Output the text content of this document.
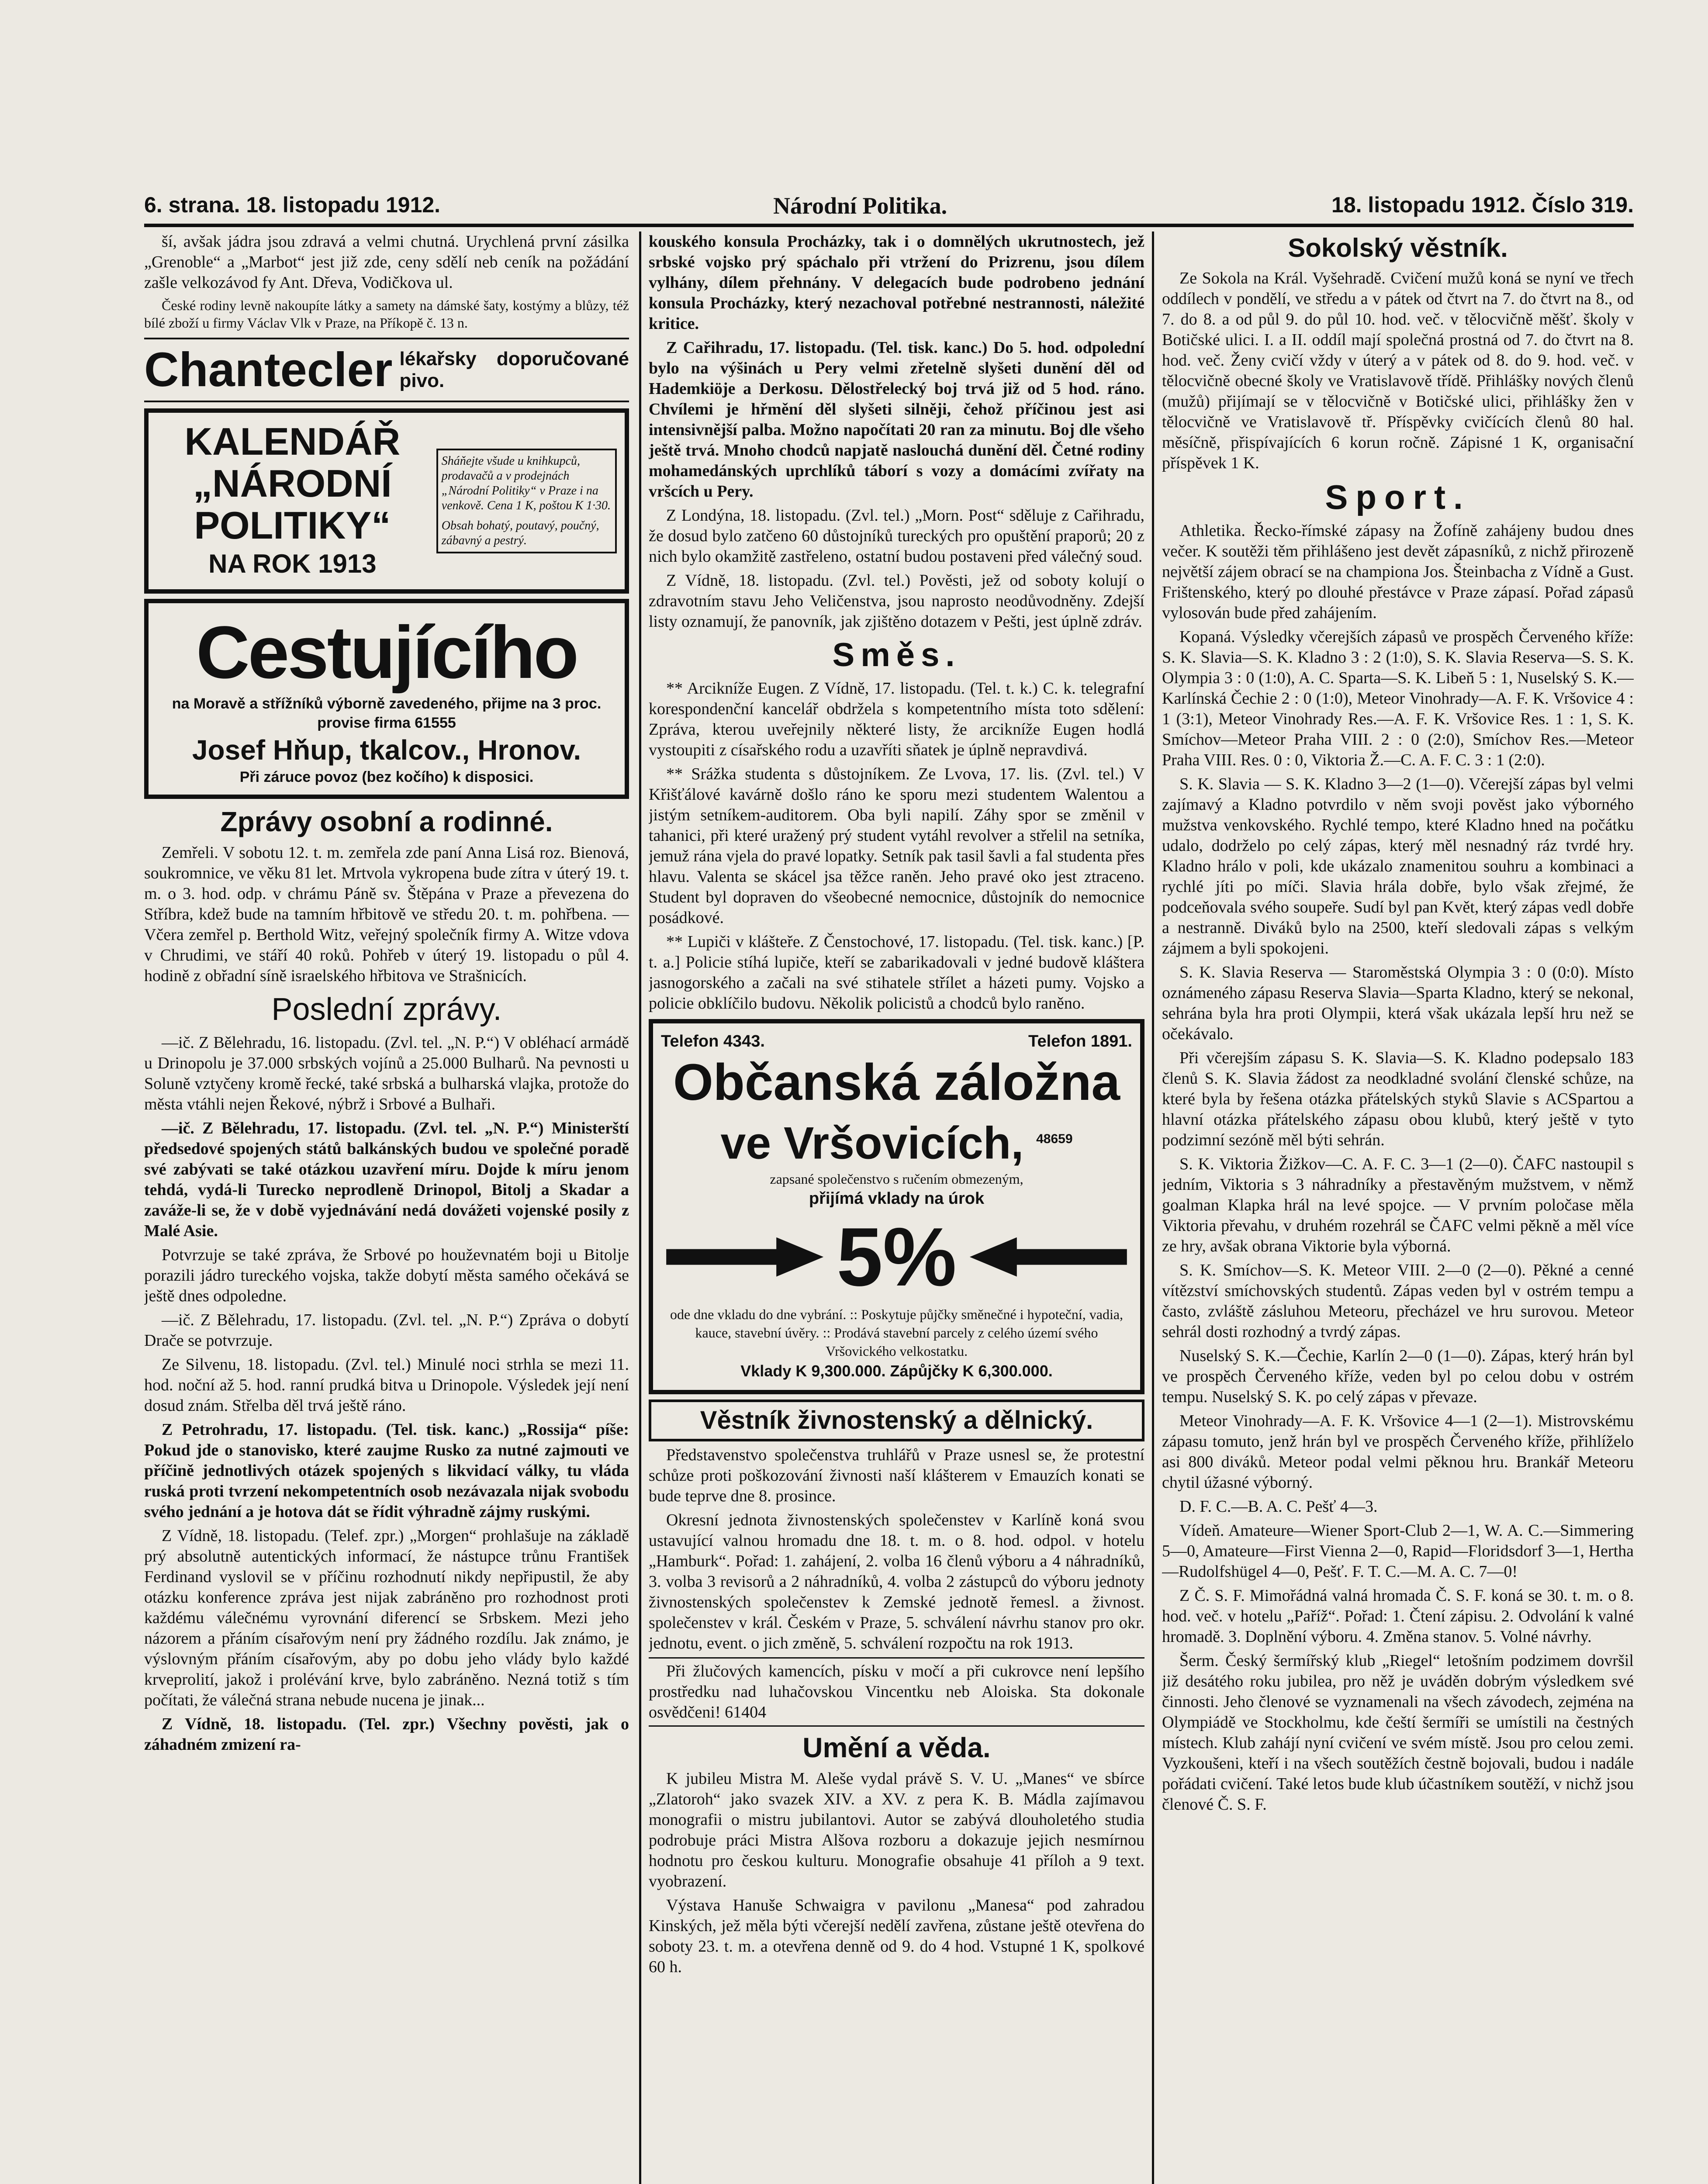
6. strana. 18. listopadu 1912.	Národní Politika.	18. listopadu 1912. Číslo 319.

ší, avšak jádra jsou zdravá a velmi chutná. Urychlená první zásilka „Grenoble“ a „Marbot“ jest již zde, ceny sdělí neb ceník na požádání zašle velkozávod fy Ant. Dřeva, Vodičkova ul.

České rodiny levně nakoupíte látky a samety na dámské šaty, kostýmy a blůzy, též bílé zboží u firmy Václav Vlk v Praze, na Příkopě č. 13 n.

Chantecler lékařsky doporučované pivo.
KALENDÁŘ „NÁRODNÍ POLITIKY“
NA ROK 1913
Sháňejte všude u knihkupců, prodavačů a v prodejnách „Národní Politiky“ v Praze i na venkově. Cena 1 K, poštou K 1·30.
Obsah bohatý, poutavý, poučný, zábavný a pestrý.
Cestujícího
na Moravě a střížníků výborně zavedeného, přijme na 3 proc. provise firma 61555
Josef Hňup, tkalcov., Hronov.
Při záruce povoz (bez kočího) k disposici.

Zprávy osobní a rodinné.

Zemřeli. V sobotu 12. t. m. zemřela zde paní Anna Lisá roz. Bienová, soukromnice, ve věku 81 let. Mrtvola vykropena bude zítra v úterý 19. t. m. o 3. hod. odp. v chrámu Páně sv. Štěpána v Praze a převezena do Stříbra, kdež bude na tamním hřbitově ve středu 20. t. m. pohřbena. — Včera zemřel p. Berthold Witz, veřejný společník firmy A. Witze vdova v Chrudimi, ve stáří 40 roků. Pohřeb v úterý 19. listopadu o půl 4. hodině z obřadní síně israelského hřbitova ve Strašnicích.

Poslední zprávy.

—ič. Z Bělehradu, 16. listopadu. (Zvl. tel. „N. P.“) V obléhací armádě u Drinopolu je 37.000 srbských vojínů a 25.000 Bulharů. Na pevnosti u Soluně vztyčeny kromě řecké, také srbská a bulharská vlajka, protože do města vtáhli nejen Řekové, nýbrž i Srbové a Bulhaři.

—ič. Z Bělehradu, 17. listopadu. (Zvl. tel. „N. P.“) Ministerští předsedové spojených států balkánských budou ve společné poradě své zabývati se také otázkou uzavření míru. Dojde k míru jenom tehdá, vydá-li Turecko neprodleně Drinopol, Bitolj a Skadar a zaváže-li se, že v době vyjednávání nedá dovážeti vojenské posily z Malé Asie.

Potvrzuje se také zpráva, že Srbové po houževnatém boji u Bitolje porazili jádro tureckého vojska, takže dobytí města samého očekává se ještě dnes odpoledne.

—ič. Z Bělehradu, 17. listopadu. (Zvl. tel. „N. P.“) Zpráva o dobytí Drače se potvrzuje.

Ze Silvenu, 18. listopadu. (Zvl. tel.) Minulé noci strhla se mezi 11. hod. noční až 5. hod. ranní prudká bitva u Drinopole. Výsledek její není dosud znám. Střelba děl trvá ještě ráno.

Z Petrohradu, 17. listopadu. (Tel. tisk. kanc.) „Rossija“ píše: Pokud jde o stanovisko, které zaujme Rusko za nutné zajmouti ve příčině jednotlivých otázek spojených s likvidací války, tu vláda ruská proti tvrzení nekompetentních osob nezávazala nijak svobodu svého jednání a je hotova dát se řídit výhradně zájmy ruskými.

Z Vídně, 18. listopadu. (Telef. zpr.) „Morgen“ prohlašuje na základě prý absolutně autentických informací, že nástupce trůnu František Ferdinand vyslovil se v příčinu rozhodnutí nikdy nepřipustil, že aby otázku konference zpráva jest nijak zabráněno pro rozhodnost proti každému válečnému vyrovnání diferencí se Srbskem. Mezi jeho názorem a přáním císařovým není pry žádného rozdílu. Jak známo, je výslovným přáním císařovým, aby po dobu jeho vlády bylo každé krveprolití, jakož i prolévání krve, bylo zabráněno. Nezná totiž s tím počítati, že válečná strana nebude nucena je jinak...

Z Vídně, 18. listopadu. (Tel. zpr.) Všechny pověsti, jak o záhadném zmizení ra-

kouského konsula Procházky, tak i o domnělých ukrutnostech, jež srbské vojsko prý spáchalo při vtržení do Prizrenu, jsou dílem vylhány, dílem přehnány. V delegacích bude podrobeno jednání konsula Procházky, který nezachoval potřebné nestrannosti, náležité kritice.

Z Cařihradu, 17. listopadu. (Tel. tisk. kanc.) Do 5. hod. odpolední bylo na výšinách u Pery velmi zřetelně slyšeti dunění děl od Hademkiöje a Derkosu. Dělostřelecký boj trvá již od 5 hod. ráno. Chvílemi je hřmění děl slyšeti silněji, čehož příčinou jest asi intensivnější palba. Možno napočítati 20 ran za minutu. Boj dle všeho ještě trvá. Mnoho chodců napjatě naslouchá dunění děl. Četné rodiny mohamedánských uprchlíků táborí s vozy a domácími zvířaty na vršcích u Pery.

Z Londýna, 18. listopadu. (Zvl. tel.) „Morn. Post“ sděluje z Cařihradu, že dosud bylo zatčeno 60 důstojníků tureckých pro opuštění praporů; 20 z nich bylo okamžitě zastřeleno, ostatní budou postaveni před válečný soud.

Z Vídně, 18. listopadu. (Zvl. tel.) Pověsti, jež od soboty kolují o zdravotním stavu Jeho Veličenstva, jsou naprosto neodůvodněny. Zdejší listy oznamují, že panovník, jak zjištěno dotazem v Pešti, jest úplně zdráv.

Směs.

** Arcikníže Eugen. Z Vídně, 17. listopadu. (Tel. t. k.) C. k. telegrafní korespondenční kancelář obdržela s kompetentního místa toto sdělení: Zpráva, kterou uveřejnily některé listy, že arcikníže Eugen hodlá vystoupiti z císařského rodu a uzavříti sňatek je úplně nepravdivá.

** Srážka studenta s důstojníkem. Ze Lvova, 17. lis. (Zvl. tel.) V Křišťálové kavárně došlo ráno ke sporu mezi studentem Walentou a jistým setníkem-auditorem. Oba byli napilí. Záhy spor se změnil v tahanici, při které uražený prý student vytáhl revolver a střelil na setníka, jemuž rána vjela do pravé lopatky. Setník pak tasil šavli a fal studenta přes hlavu. Valenta se skácel jsa těžce raněn. Jeho pravé oko jest ztraceno. Student byl dopraven do všeobecné nemocnice, důstojník do nemocnice posádkové.

** Lupiči v klášteře. Z Čenstochové, 17. listopadu. (Tel. tisk. kanc.) [P. t. a.] Policie stíhá lupiče, kteří se zabarikadovali v jedné budově kláštera jasnogorského a začali na své stihatele střílet a házeti pumy. Vojsko a policie obklíčilo budovu. Několik policistů a chodců bylo raněno.

Telefon 4343.	Telefon 1891.
Občanská záložna
ve Vršovicích, $^{48659}$
zapsané společenstvo s ručením obmezeným,
přijímá vklady na úrok
5%
ode dne vkladu do dne vybrání. :: Poskytuje půjčky směnečné i hypoteční, vadia, kauce, stavební úvěry. :: Prodává stavební parcely z celého území svého Vršovického velkostatku.
Vklady K 9,300.000. Zápůjčky K 6,300.000.

Věstník živnostenský a dělnický.

Představenstvo společenstva truhlářů v Praze usnesl se, že protestní schůze proti poškozování živnosti naší klášterem v Emauzích konati se bude teprve dne 8. prosince.

Okresní jednota živnostenských společenstev v Karlíně koná svou ustavující valnou hromadu dne 18. t. m. o 8. hod. odpol. v hotelu „Hamburk“. Pořad: 1. zahájení, 2. volba 16 členů výboru a 4 náhradníků, 3. volba 3 revisorů a 2 náhradníků, 4. volba 2 zástupců do výboru jednoty živnostenských společenstev k Zemské jednotě řemesl. a živnost. společenstev v král. Českém v Praze, 5. schválení návrhu stanov pro okr. jednotu, event. o jich změně, 5. schválení rozpočtu na rok 1913.

Při žlučových kamencích, písku v močí a při cukrovce není lepšího prostředku nad luhačovskou Vincentku neb Aloiska. Sta dokonale osvědčeni! 61404

Umění a věda.

K jubileu Mistra M. Aleše vydal právě S. V. U. „Manes“ ve sbírce „Zlatoroh“ jako svazek XIV. a XV. z pera K. B. Mádla zajímavou monografii o mistru jubilantovi. Autor se zabývá dlouholetého studia podrobuje práci Mistra Alšova rozboru a dokazuje jejich nesmírnou hodnotu pro českou kulturu. Monografie obsahuje 41 příloh a 9 text. vyobrazení.

Výstava Hanuše Schwaigra v pavilonu „Manesa“ pod zahradou Kinských, jež měla býti včerejší nedělí zavřena, zůstane ještě otevřena do soboty 23. t. m. a otevřena denně od 9. do 4 hod. Vstupné 1 K, spolkové 60 h.

Sokolský věstník.

Ze Sokola na Král. Vyšehradě. Cvičení mužů koná se nyní ve třech oddílech v pondělí, ve středu a v pátek od čtvrt na 7. do čtvrt na 8., od 7. do 8. a od půl 9. do půl 10. hod. več. v tělocvičně měšť. školy v Botičské ulici. I. a II. oddíl mají společná prostná od 7. do čtvrt na 8. hod. več. Ženy cvičí vždy v úterý a v pátek od 8. do 9. hod. več. v tělocvičně obecné školy ve Vratislavově třídě. Přihlášky nových členů (mužů) přijímají se v tělocvičně v Botičské ulici, přihlášky žen v tělocvičně ve Vratislavově tř. Příspěvky cvičících členů 80 hal. měsíčně, přispívajících 6 korun ročně. Zápisné 1 K, organisační příspěvek 1 K.

Sport.

Athletika. Řecko-římské zápasy na Žofíně zahájeny budou dnes večer. K soutěži těm přihlášeno jest devět zápasníků, z nichž přirozeně největší zájem obrací se na championa Jos. Šteinbacha z Vídně a Gust. Frištenského, který po dlouhé přestávce v Praze zápasí. Pořad zápasů vylosován bude před zahájením.

Kopaná. Výsledky včerejších zápasů ve prospěch Červeného kříže: S. K. Slavia—S. K. Kladno 3 : 2 (1:0), S. K. Slavia Reserva—S. S. K. Olympia 3 : 0 (1:0), A. C. Sparta—S. K. Libeň 5 : 1, Nuselský S. K.—Karlínská Čechie 2 : 0 (1:0), Meteor Vinohrady—A. F. K. Vršovice 4 : 1 (3:1), Meteor Vinohrady Res.—A. F. K. Vršovice Res. 1 : 1, S. K. Smíchov—Meteor Praha VIII. 2 : 0 (2:0), Smíchov Res.—Meteor Praha VIII. Res. 0 : 0, Viktoria Ž.—C. A. F. C. 3 : 1 (2:0).

S. K. Slavia — S. K. Kladno 3—2 (1—0). Včerejší zápas byl velmi zajímavý a Kladno potvrdilo v něm svoji pověst jako výborného mužstva venkovského. Rychlé tempo, které Kladno hned na počátku udalo, dodrželo po celý zápas, který měl nesnadný ráz tvrdé hry. Kladno hrálo v poli, kde ukázalo znamenitou souhru a kombinaci a rychlé jíti po míči. Slavia hrála dobře, bylo však zřejmé, že podceňovala svého soupeře. Sudí byl pan Květ, který zápas vedl dobře a nestranně. Diváků bylo na 2500, kteří sledovali zápas s velkým zájmem a byli spokojeni.

S. K. Slavia Reserva — Staroměstská Olympia 3 : 0 (0:0). Místo oznámeného zápasu Reserva Slavia—Sparta Kladno, který se nekonal, sehrána byla hra proti Olympii, která však ukázala lepší hru než se očekávalo.

Při včerejším zápasu S. K. Slavia—S. K. Kladno podepsalo 183 členů S. K. Slavia žádost za neodkladné svolání členské schůze, na které byla by řešena otázka přátelských styků Slavie s ACSpartou a hlavní otázka přátelského zápasu obou klubů, který ještě v tyto podzimní sezóně měl býti sehrán.

S. K. Viktoria Žižkov—C. A. F. C. 3—1 (2—0). ČAFC nastoupil s jedním, Viktoria s 3 náhradníky a přestavěným mužstvem, v němž goalman Klapka hrál na levé spojce. — V prvním poločase měla Viktoria převahu, v druhém rozehrál se ČAFC velmi pěkně a měl více ze hry, avšak obrana Viktorie byla výborná.

S. K. Smíchov—S. K. Meteor VIII. 2—0 (2—0). Pěkné a cenné vítězství smíchovských studentů. Zápas veden byl v ostrém tempu a často, zvláště zásluhou Meteoru, přecházel ve hru surovou. Meteor sehrál dosti rozhodný a tvrdý zápas.

Nuselský S. K.—Čechie, Karlín 2—0 (1—0). Zápas, který hrán byl ve prospěch Červeného kříže, veden byl po celou dobu v ostrém tempu. Nuselský S. K. po celý zápas v převaze.

Meteor Vinohrady—A. F. K. Vršovice 4—1 (2—1). Mistrovskému zápasu tomuto, jenž hrán byl ve prospěch Červeného kříže, přihlíželo asi 800 diváků. Meteor podal velmi pěknou hru. Brankář Meteoru chytil úžasné výborný.

D. F. C.—B. A. C. Pešť 4—3.

Vídeň. Amateure—Wiener Sport-Club 2—1, W. A. C.—Simmering 5—0, Amateure—First Vienna 2—0, Rapid—Floridsdorf 3—1, Hertha—Rudolfshügel 4—0, Pešť. F. T. C.—M. A. C. 7—0!

Z Č. S. F. Mimořádná valná hromada Č. S. F. koná se 30. t. m. o 8. hod. več. v hotelu „Paříž“. Pořad: 1. Čtení zápisu. 2. Odvolání k valné hromadě. 3. Doplnění výboru. 4. Změna stanov. 5. Volné návrhy.

Šerm. Český šermířský klub „Riegel“ letošním podzimem dovršil již desátého roku jubilea, pro něž je uváděn dobrým výsledkem své činnosti. Jeho členové se vyznamenali na všech závodech, zejména na Olympiádě ve Stockholmu, kde čeští šermíři se umístili na čestných místech. Klub zahájí nyní cvičení ve svém místě. Jsou pro celou zemi. Vyzkoušeni, kteří i na všech soutěžích čestně bojovali, budou i nadále pořádati cvičení. Také letos bude klub účastníkem soutěží, v nichž jsou členové Č. S. F.
